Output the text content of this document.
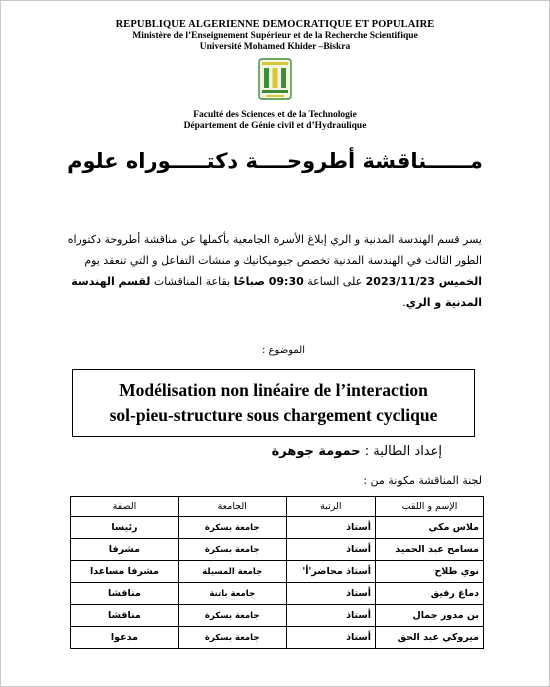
REPUBLIQUE ALGERIENNE DEMOCRATIQUE ET POPULAIRE
Ministère de l’Enseignement Supérieur et de la Recherche Scientifique
Université Mohamed Khider –Biskra
Faculté des Sciences et de la Technologie
Département de Génie civil et d’Hydraulique
مــــــناقشة أطروحــــة دكتـــــوراه علوم
يسر قسم الهندسة المدنية و الري إبلاغ الأسرة الجامعية بأكملها عن مناقشة أطروحة دكتوراه الطور الثالث في الهندسة المدنية تخصص جيوميكانيك و منشات التفاعل و التي تنعقد يوم الخميس 2023/11/23 على الساعة 09:30 صباحًا بقاعة المناقشات لقسم الهندسة المدنية و الري.
الموضوع :
Modélisation non linéaire de l’interaction
sol-pieu-structure sous chargement cyclique
إعداد الطالبة : حمومة جوهرة
لجنة المناقشة مكونة من :
الإسم و اللقب	الرتبة	الجامعة	الصفة
ملاس مكي	أستاذ	جامعة بسكرة	رئيسا
مسامح عبد الحميد	أستاذ	جامعة بسكرة	مشرفا
نوي طلاح	أستاذ محاضر'أ'	جامعة المسيلة	مشرفا مساعدا
دماغ رفيق	أستاذ	جامعة باتنة	مناقشا
بن مدور جمال	أستاذ	جامعة بسكرة	مناقشا
ميروكي عبد الحق	أستاذ	جامعة بسكرة	مدعوا
